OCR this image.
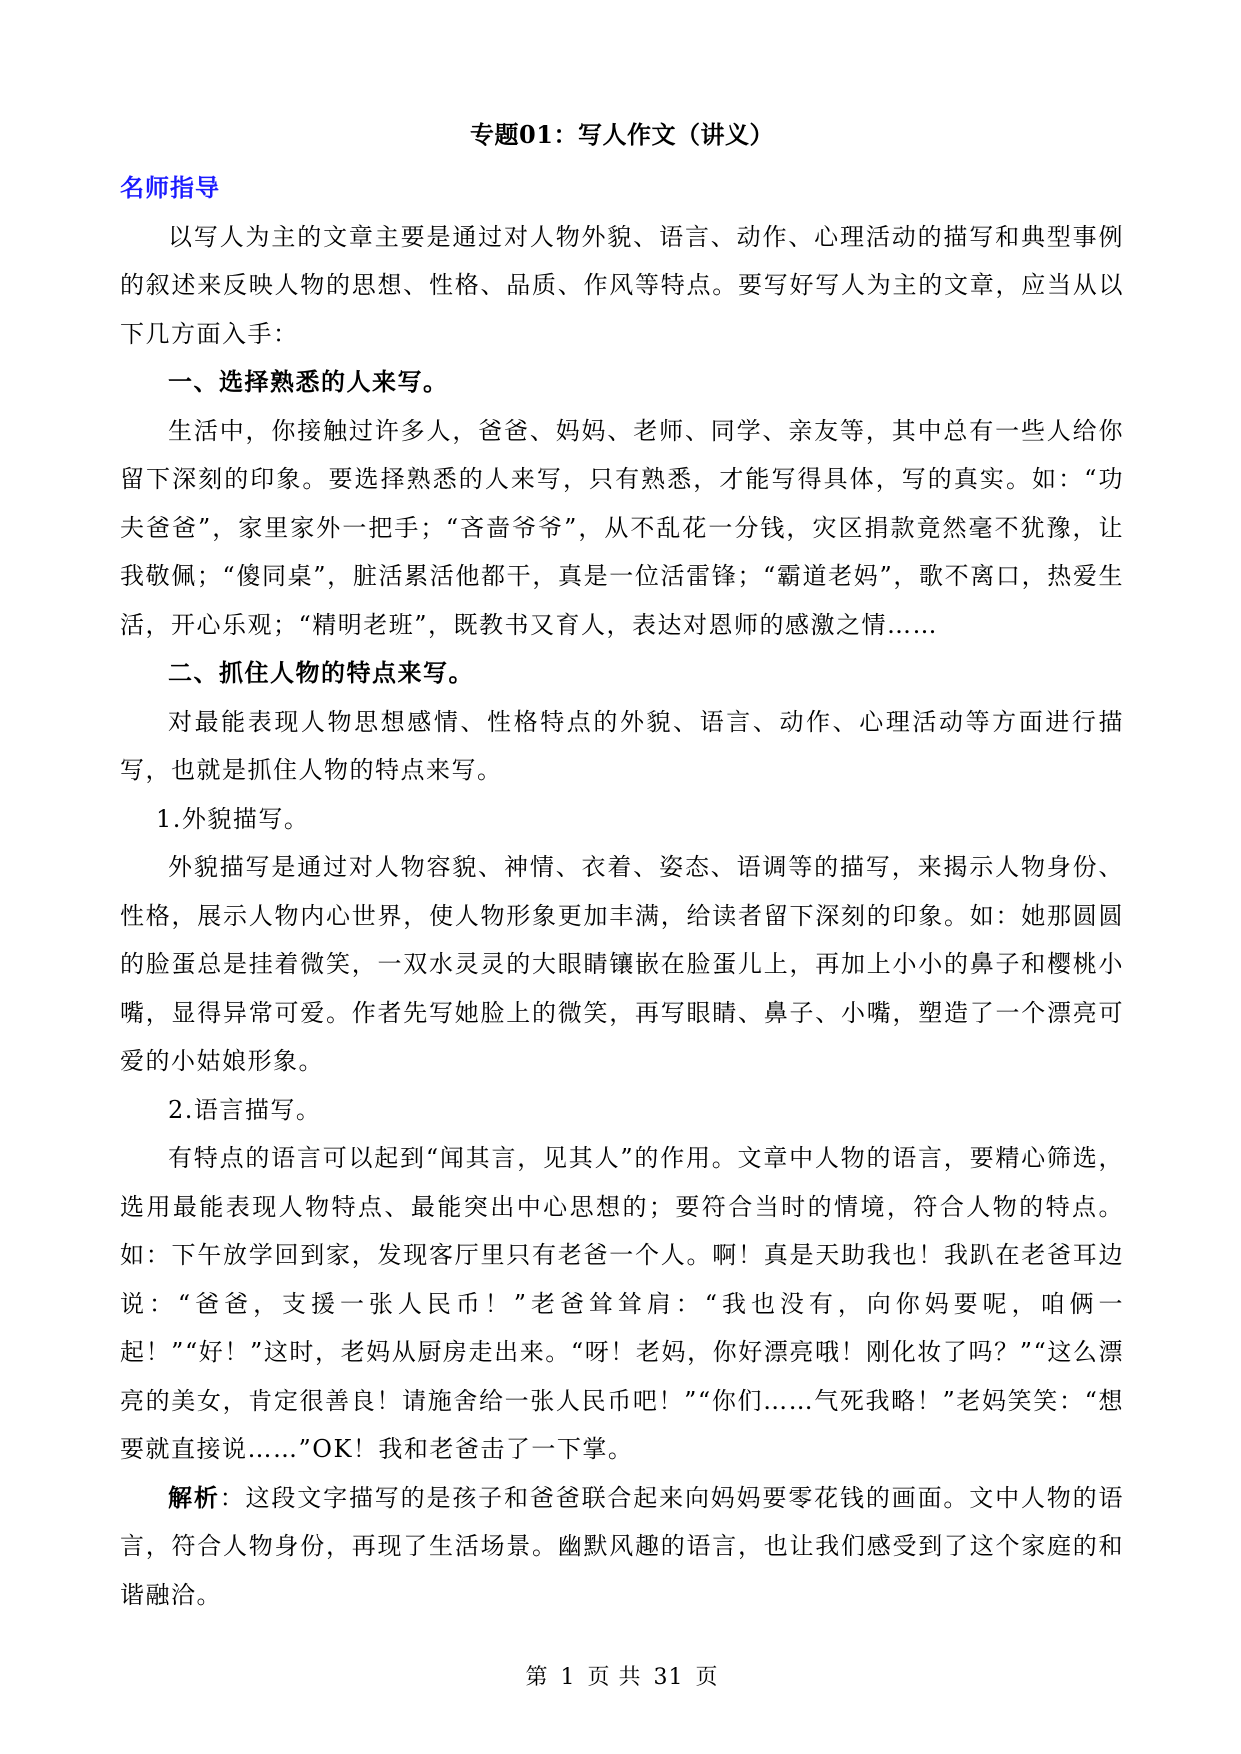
专题01：写人作文（讲义）

名师指导

以写人为主的文章主要是通过对人物外貌、语言、动作、心理活动的描写和典型事例的叙述来反映人物的思想、性格、品质、作风等特点。要写好写人为主的文章，应当从以下几方面入手：

一、选择熟悉的人来写。

生活中，你接触过许多人，爸爸、妈妈、老师、同学、亲友等，其中总有一些人给你留下深刻的印象。要选择熟悉的人来写，只有熟悉，才能写得具体，写的真实。如：“功夫爸爸”，家里家外一把手；“吝啬爷爷”，从不乱花一分钱，灾区捐款竟然毫不犹豫，让我敬佩；“傻同桌”，脏活累活他都干，真是一位活雷锋；“霸道老妈”，歌不离口，热爱生活，开心乐观；“精明老班”，既教书又育人，表达对恩师的感激之情……

二、抓住人物的特点来写。

对最能表现人物思想感情、性格特点的外貌、语言、动作、心理活动等方面进行描写，也就是抓住人物的特点来写。

1.外貌描写。

外貌描写是通过对人物容貌、神情、衣着、姿态、语调等的描写，来揭示人物身份、性格，展示人物内心世界，使人物形象更加丰满，给读者留下深刻的印象。如：她那圆圆的脸蛋总是挂着微笑，一双水灵灵的大眼睛镶嵌在脸蛋儿上，再加上小小的鼻子和樱桃小嘴，显得异常可爱。作者先写她脸上的微笑，再写眼睛、鼻子、小嘴，塑造了一个漂亮可爱的小姑娘形象。

2.语言描写。

有特点的语言可以起到“闻其言，见其人”的作用。文章中人物的语言，要精心筛选，选用最能表现人物特点、最能突出中心思想的；要符合当时的情境，符合人物的特点。如：下午放学回到家，发现客厅里只有老爸一个人。啊！真是天助我也！我趴在老爸耳边说：“爸爸，支援一张人民币！”老爸耸耸肩：“我也没有，向你妈要呢，咱俩一起！”“好！”这时，老妈从厨房走出来。“呀！老妈，你好漂亮哦！刚化妆了吗？”“这么漂亮的美女，肯定很善良！请施舍给一张人民币吧！”“你们……气死我略！”老妈笑笑：“想要就直接说……”OK！我和老爸击了一下掌。

解析：这段文字描写的是孩子和爸爸联合起来向妈妈要零花钱的画面。文中人物的语言，符合人物身份，再现了生活场景。幽默风趣的语言，也让我们感受到了这个家庭的和谐融洽。

第 1 页 共 31 页
